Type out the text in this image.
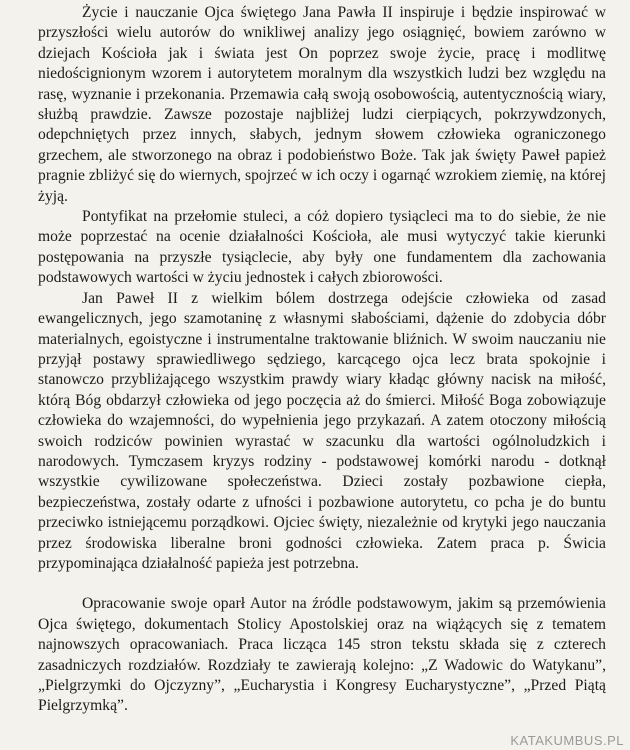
Życie i nauczanie Ojca świętego Jana Pawła II inspiruje i będzie inspirować w przyszłości wielu autorów do wnikliwej analizy jego osiągnięć, bowiem zarówno w dziejach Kościoła jak i świata jest On poprzez swoje życie, pracę i modlitwę niedoścignionym wzorem i autorytetem moralnym dla wszystkich ludzi bez względu na rasę, wyznanie i przekonania. Przemawia całą swoją osobowością, autentycznością wiary, służbą prawdzie. Zawsze pozostaje najbliżej ludzi cierpiących, pokrzywdzonych, odepchniętych przez innych, słabych, jednym słowem człowieka ograniczonego grzechem, ale stworzonego na obraz i podobieństwo Boże. Tak jak święty Paweł papież pragnie zbliżyć się do wiernych, spojrzeć w ich oczy i ogarnąć wzrokiem ziemię, na której żyją.

Pontyfikat na przełomie stuleci, a cóż dopiero tysiącleci ma to do siebie, że nie może poprzestać na ocenie działalności Kościoła, ale musi wytyczyć takie kierunki postępowania na przyszłe tysiąclecie, aby były one fundamentem dla zachowania podstawowych wartości w życiu jednostek i całych zbiorowości.

Jan Paweł II z wielkim bólem dostrzega odejście człowieka od zasad ewangelicznych, jego szamotaninę z własnymi słabościami, dążenie do zdobycia dóbr materialnych, egoistyczne i instrumentalne traktowanie bliźnich. W swoim nauczaniu nie przyjął postawy sprawiedliwego sędziego, karcącego ojca lecz brata spokojnie i stanowczo przybliżającego wszystkim prawdy wiary kładąc główny nacisk na miłość, którą Bóg obdarzył człowieka od jego poczęcia aż do śmierci. Miłość Boga zobowiązuje człowieka do wzajemności, do wypełnienia jego przykazań. A zatem otoczony miłością swoich rodziców powinien wyrastać w szacunku dla wartości ogólnoludzkich i narodowych. Tymczasem kryzys rodziny - podstawowej komórki narodu - dotknął wszystkie cywilizowane społeczeństwa. Dzieci zostały pozbawione ciepła, bezpieczeństwa, zostały odarte z ufności i pozbawione autorytetu, co pcha je do buntu przeciwko istniejącemu porządkowi. Ojciec święty, niezależnie od krytyki jego nauczania przez środowiska liberalne broni godności człowieka. Zatem praca p. Świcia przypominająca działalność papieża jest potrzebna.

Opracowanie swoje oparł Autor na źródle podstawowym, jakim są przemówienia Ojca świętego, dokumentach Stolicy Apostolskiej oraz na wiążących się z tematem najnowszych opracowaniach. Praca licząca 145 stron tekstu składa się z czterech zasadniczych rozdziałów. Rozdziały te zawierają kolejno: „Z Wadowic do Watykanu”, „Pielgrzymki do Ojczyzny”, „Eucharystia i Kongresy Eucharystyczne”, „Przed Piątą Pielgrzymką”.

KATAKUMBUS.PL
